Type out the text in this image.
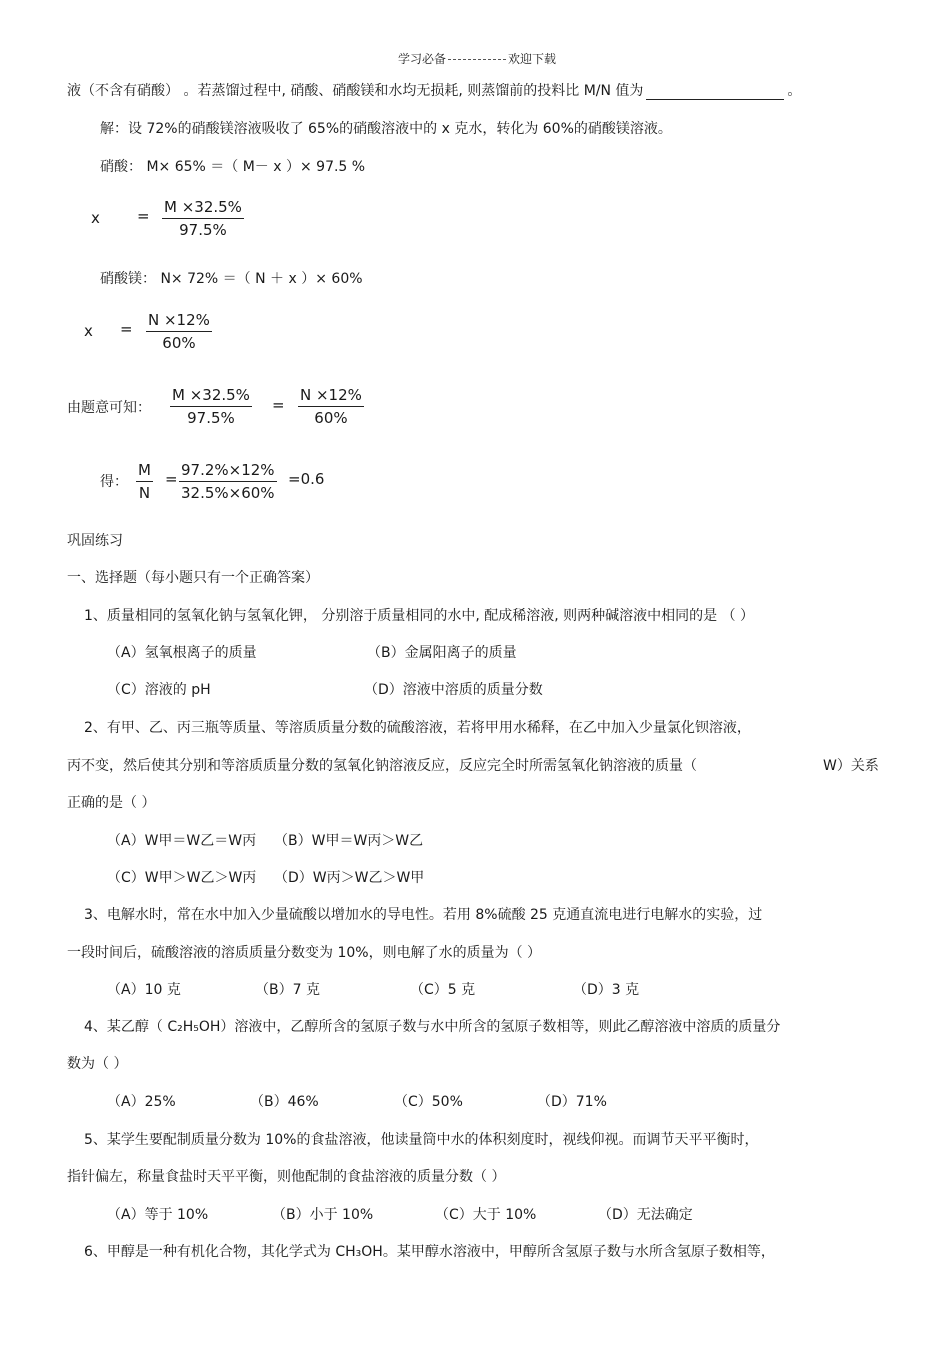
学习必备	欢迎下载
液（不含有硝酸） 。若蒸馏过程中, 硝酸、硝酸镁和水均无损耗, 则蒸馏前的投料比 M/N 值为	。
解：设 72%的硝酸镁溶液吸收了 65%的硝酸溶液中的 x 克水，转化为 60%的硝酸镁溶液。
硝酸： M× 65% ＝（ M－ x ）× 97.5 %
$x = \frac{M \times 32.5\%}{97.5\%}$
硝酸镁： N× 72% ＝（ N ＋ x ）× 60%
$x = \frac{N \times 12\%}{60\%}$
由题意可知： $\frac{M \times 32.5\%}{97.5\%} = \frac{N \times 12\%}{60\%}$
得： $\frac{M}{N} = \frac{97.2\%\times 12\%}{32.5\%\times 60\%} =0.6$
巩固练习
一、选择题（每小题只有一个正确答案）
1、质量相同的氢氧化钠与氢氧化钾， 分别溶于质量相同的水中, 配成稀溶液, 则两种碱溶液中相同的是 （ ）
（A）氢氧根离子的质量	（B）金属阳离子的质量
（C）溶液的 pH	（D）溶液中溶质的质量分数
2、有甲、乙、丙三瓶等质量、等溶质质量分数的硫酸溶液，若将甲用水稀释，在乙中加入少量氯化钡溶液，
丙不变，然后使其分别和等溶质质量分数的氢氧化钠溶液反应，反应完全时所需氢氧化钠溶液的质量（	W）关系
正确的是（ ）
（A）W甲＝W乙＝W丙 （B）W甲＝W丙＞W乙
（C）W甲＞W乙＞W丙 （D）W丙＞W乙＞W甲
3、电解水时，常在水中加入少量硫酸以增加水的导电性。若用 8%硫酸 25 克通直流电进行电解水的实验，过
一段时间后，硫酸溶液的溶质质量分数变为 10%，则电解了水的质量为（ ）
（A）10 克	（B）7 克	（C）5 克	（D）3 克
4、某乙醇（ C₂H₅OH）溶液中，乙醇所含的氢原子数与水中所含的氢原子数相等，则此乙醇溶液中溶质的质量分
数为（ ）
（A）25%	（B）46%	（C）50%	（D）71%
5、某学生要配制质量分数为 10%的食盐溶液，他读量筒中水的体积刻度时，视线仰视。而调节天平平衡时，
指针偏左，称量食盐时天平平衡，则他配制的食盐溶液的质量分数（ ）
（A）等于 10%	（B）小于 10%	（C）大于 10%	（D）无法确定
6、甲醇是一种有机化合物，其化学式为 CH₃OH。某甲醇水溶液中，甲醇所含氢原子数与水所含氢原子数相等，
